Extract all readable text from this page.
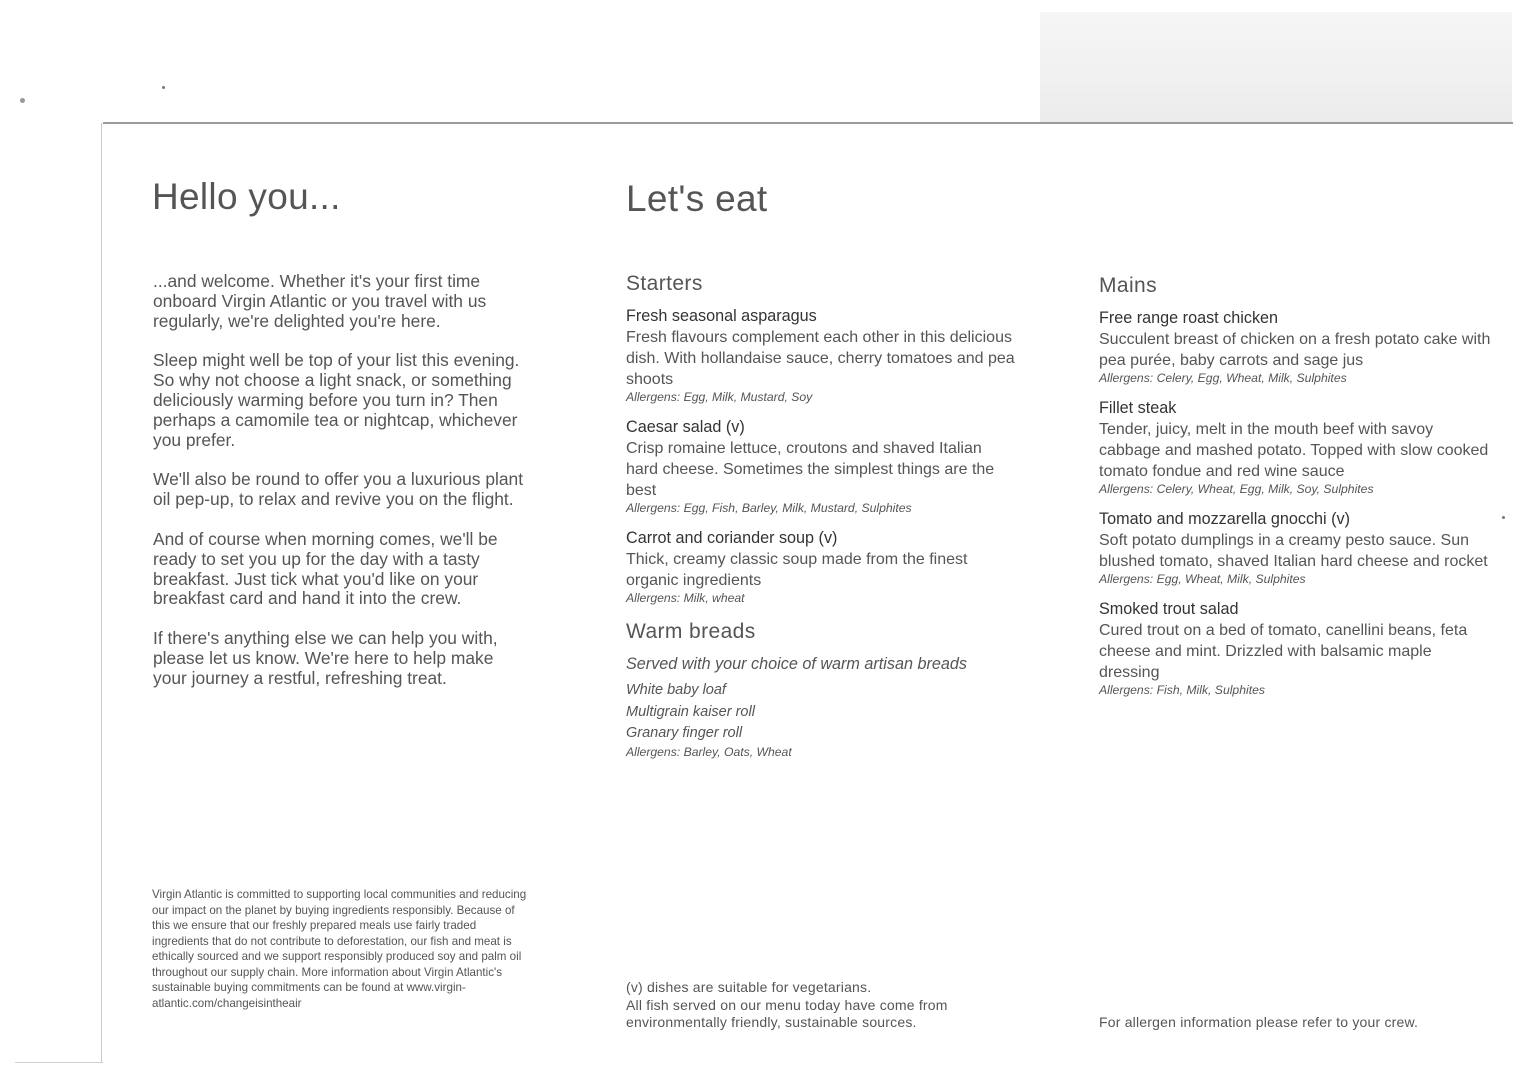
Hello you...

...and welcome. Whether it's your first time onboard Virgin Atlantic or you travel with us regularly, we're delighted you're here.

Sleep might well be top of your list this evening. So why not choose a light snack, or something deliciously warming before you turn in? Then perhaps a camomile tea or nightcap, whichever you prefer.

We'll also be round to offer you a luxurious plant oil pep-up, to relax and revive you on the flight.

And of course when morning comes, we'll be ready to set you up for the day with a tasty breakfast. Just tick what you'd like on your breakfast card and hand it into the crew.

If there's anything else we can help you with, please let us know. We're here to help make your journey a restful, refreshing treat.

Virgin Atlantic is committed to supporting local communities and reducing our impact on the planet by buying ingredients responsibly. Because of this we ensure that our freshly prepared meals use fairly traded ingredients that do not contribute to deforestation, our fish and meat is ethically sourced and we support responsibly produced soy and palm oil throughout our supply chain. More information about Virgin Atlantic's sustainable buying commitments can be found at www.virgin-atlantic.com/changeisintheair
Let's eat
Starters
Fresh seasonal asparagus
Fresh flavours complement each other in this delicious dish. With hollandaise sauce, cherry tomatoes and pea shoots
Allergens: Egg, Milk, Mustard, Soy
Caesar salad (v)
Crisp romaine lettuce, croutons and shaved Italian hard cheese. Sometimes the simplest things are the best
Allergens: Egg, Fish, Barley, Milk, Mustard, Sulphites
Carrot and coriander soup (v)
Thick, creamy classic soup made from the finest organic ingredients
Allergens: Milk, wheat
Warm breads
Served with your choice of warm artisan breads
White baby loaf
Multigrain kaiser roll
Granary finger roll
Allergens: Barley, Oats, Wheat
(v) dishes are suitable for vegetarians.
All fish served on our menu today have come from environmentally friendly, sustainable sources.
Mains
Free range roast chicken
Succulent breast of chicken on a fresh potato cake with pea purée, baby carrots and sage jus
Allergens: Celery, Egg, Wheat, Milk, Sulphites
Fillet steak
Tender, juicy, melt in the mouth beef with savoy cabbage and mashed potato. Topped with slow cooked tomato fondue and red wine sauce
Allergens: Celery, Wheat, Egg, Milk, Soy, Sulphites
Tomato and mozzarella gnocchi (v)
Soft potato dumplings in a creamy pesto sauce. Sun blushed tomato, shaved Italian hard cheese and rocket
Allergens: Egg, Wheat, Milk, Sulphites
Smoked trout salad
Cured trout on a bed of tomato, canellini beans, feta cheese and mint. Drizzled with balsamic maple dressing
Allergens: Fish, Milk, Sulphites
For allergen information please refer to your crew.
